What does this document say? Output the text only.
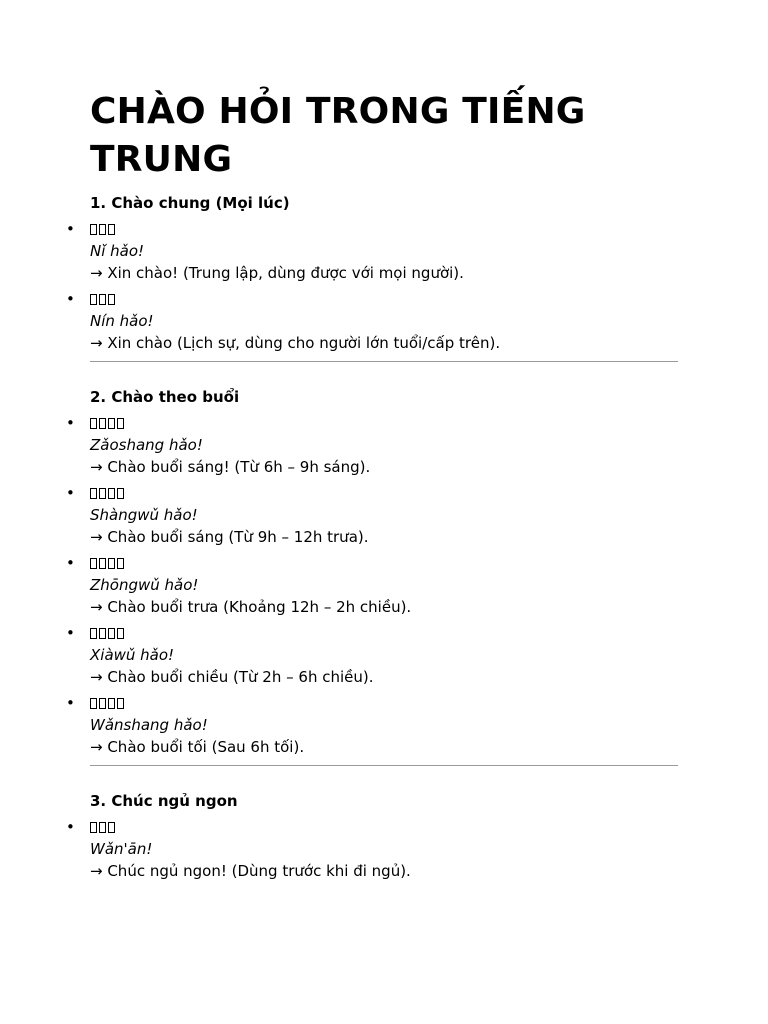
CHÀO HỎI TRONG TIẾNG
TRUNG
1. Chào chung (Mọi lúc)
•
Nǐ hǎo!
→ Xin chào! (Trung lập, dùng được với mọi người).
•
Nín hǎo!
→ Xin chào (Lịch sự, dùng cho người lớn tuổi/cấp trên).
2. Chào theo buổi
•
Zǎoshang hǎo!
→ Chào buổi sáng! (Từ 6h – 9h sáng).
•
Shàngwǔ hǎo!
→ Chào buổi sáng (Từ 9h – 12h trưa).
•
Zhōngwǔ hǎo!
→ Chào buổi trưa (Khoảng 12h – 2h chiều).
•
Xiàwǔ hǎo!
→ Chào buổi chiều (Từ 2h – 6h chiều).
•
Wǎnshang hǎo!
→ Chào buổi tối (Sau 6h tối).
3. Chúc ngủ ngon
•
Wǎn'ān!
→ Chúc ngủ ngon! (Dùng trước khi đi ngủ).
